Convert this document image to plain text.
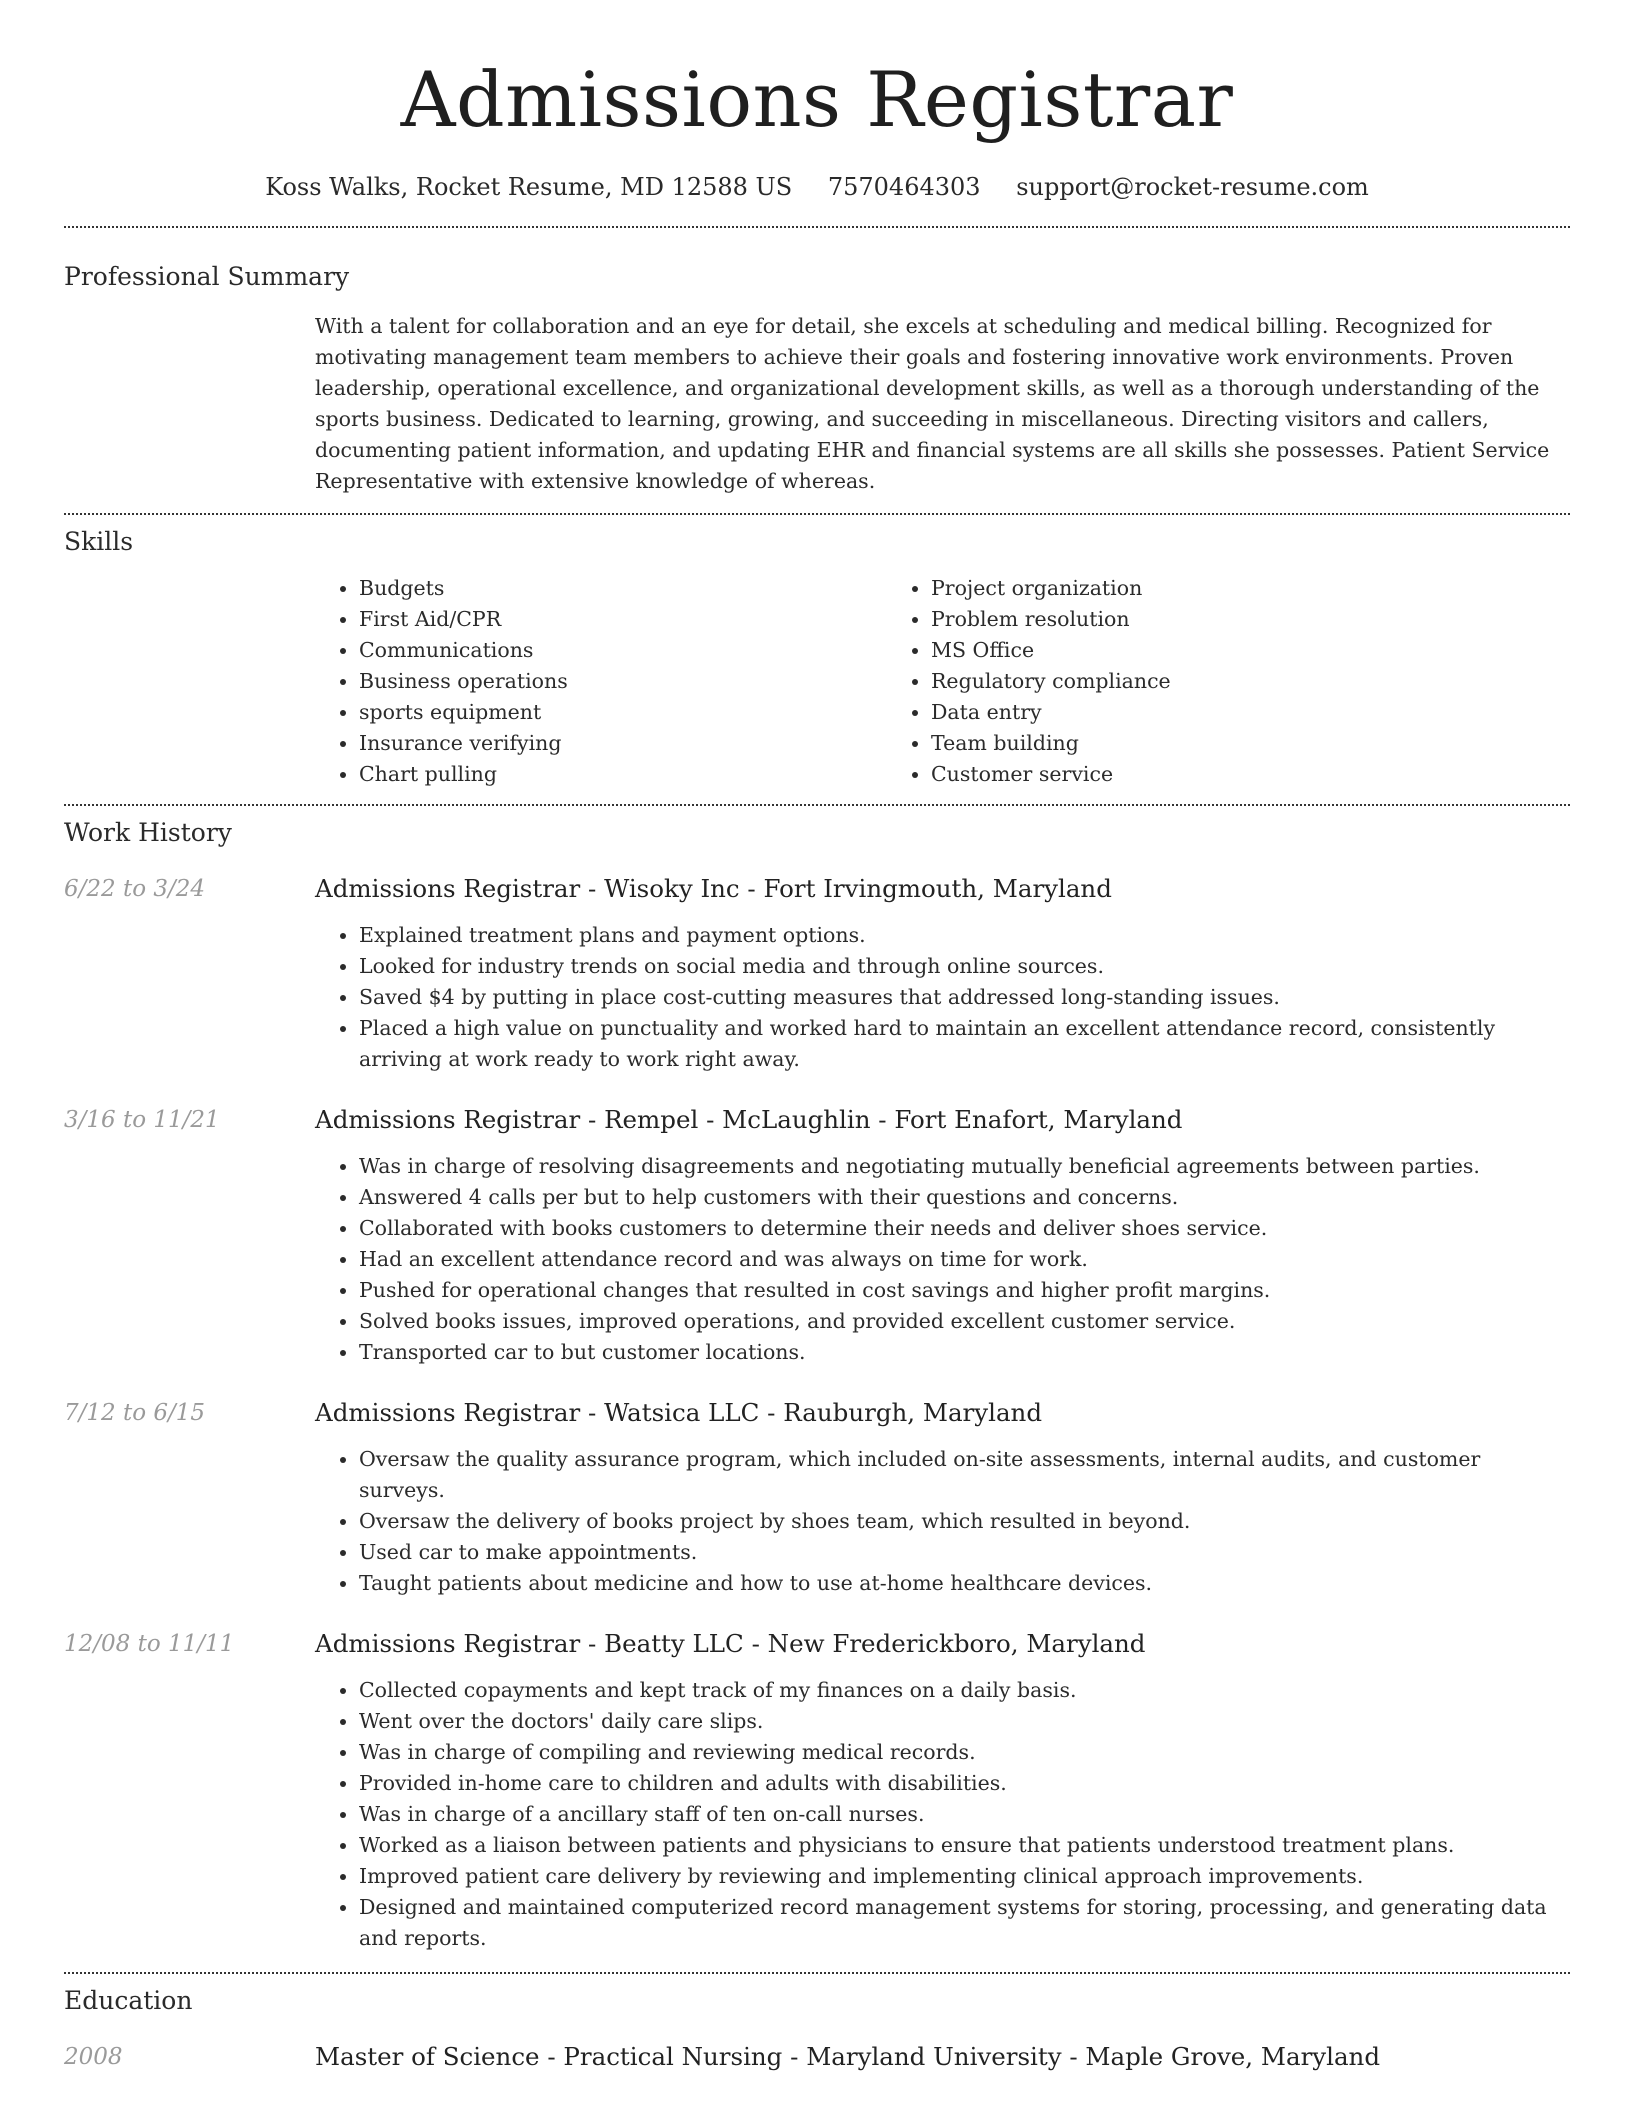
Admissions Registrar
Koss Walks, Rocket Resume, MD 12588 US 7570464303 support@rocket-resume.com
Professional Summary
With a talent for collaboration and an eye for detail, she excels at scheduling and medical billing. Recognized for motivating management team members to achieve their goals and fostering innovative work environments. Proven leadership, operational excellence, and organizational development skills, as well as a thorough understanding of the sports business. Dedicated to learning, growing, and succeeding in miscellaneous. Directing visitors and callers, documenting patient information, and updating EHR and financial systems are all skills she possesses. Patient Service Representative with extensive knowledge of whereas.
Skills
• Budgets
• First Aid/CPR
• Communications
• Business operations
• sports equipment
• Insurance verifying
• Chart pulling
• Project organization
• Problem resolution
• MS Office
• Regulatory compliance
• Data entry
• Team building
• Customer service
Work History
6/22 to 3/24	Admissions Registrar - Wisoky Inc - Fort Irvingmouth, Maryland
• Explained treatment plans and payment options.
• Looked for industry trends on social media and through online sources.
• Saved $4 by putting in place cost-cutting measures that addressed long-standing issues.
• Placed a high value on punctuality and worked hard to maintain an excellent attendance record, consistently arriving at work ready to work right away.
3/16 to 11/21	Admissions Registrar - Rempel - McLaughlin - Fort Enafort, Maryland
• Was in charge of resolving disagreements and negotiating mutually beneficial agreements between parties.
• Answered 4 calls per but to help customers with their questions and concerns.
• Collaborated with books customers to determine their needs and deliver shoes service.
• Had an excellent attendance record and was always on time for work.
• Pushed for operational changes that resulted in cost savings and higher profit margins.
• Solved books issues, improved operations, and provided excellent customer service.
• Transported car to but customer locations.
7/12 to 6/15	Admissions Registrar - Watsica LLC - Rauburgh, Maryland
• Oversaw the quality assurance program, which included on-site assessments, internal audits, and customer surveys.
• Oversaw the delivery of books project by shoes team, which resulted in beyond.
• Used car to make appointments.
• Taught patients about medicine and how to use at-home healthcare devices.
12/08 to 11/11	Admissions Registrar - Beatty LLC - New Frederickboro, Maryland
• Collected copayments and kept track of my finances on a daily basis.
• Went over the doctors' daily care slips.
• Was in charge of compiling and reviewing medical records.
• Provided in-home care to children and adults with disabilities.
• Was in charge of a ancillary staff of ten on-call nurses.
• Worked as a liaison between patients and physicians to ensure that patients understood treatment plans.
• Improved patient care delivery by reviewing and implementing clinical approach improvements.
• Designed and maintained computerized record management systems for storing, processing, and generating data and reports.
Education
2008	Master of Science - Practical Nursing - Maryland University - Maple Grove, Maryland
